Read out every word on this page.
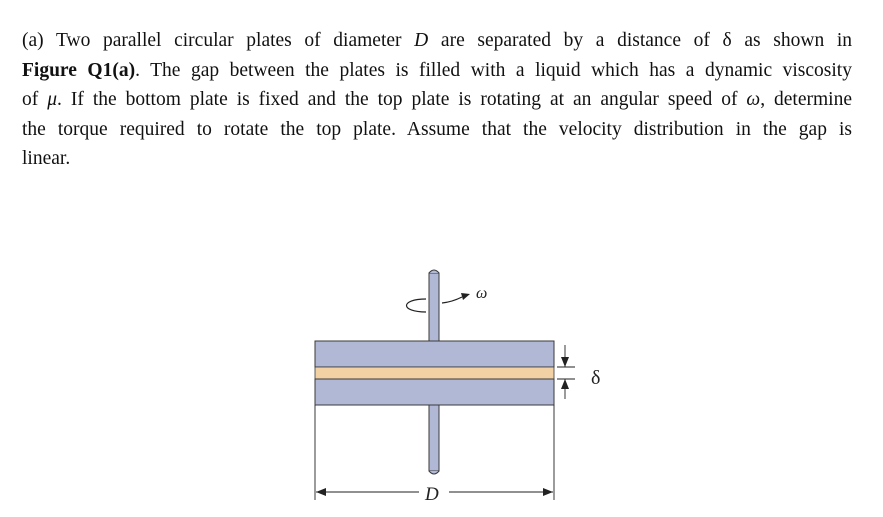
(a) Two parallel circular plates of diameter D are separated by a distance of δ as shown in
Figure Q1(a). The gap between the plates is filled with a liquid which has a dynamic viscosity
of μ. If the bottom plate is fixed and the top plate is rotating at an angular speed of ω, determine
the torque required to rotate the top plate. Assume that the velocity distribution in the gap is
linear.
ω
δ
D
